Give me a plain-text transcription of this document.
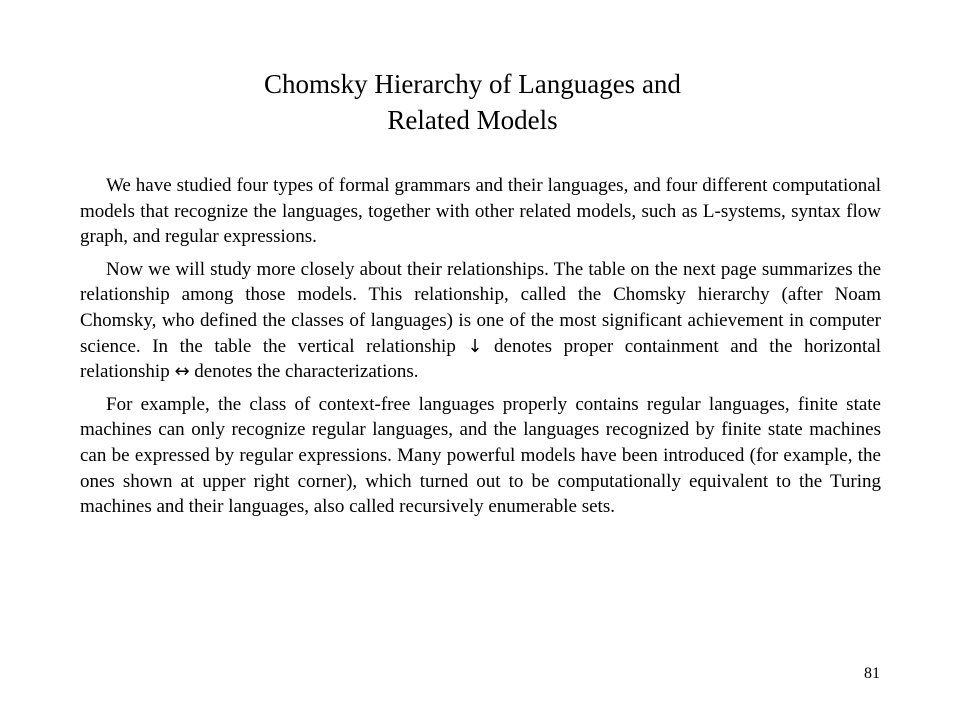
Chomsky Hierarchy of Languages and
Related Models

We have studied four types of formal grammars and their languages, and four different computational models that recognize the languages, together with other related models, such as L-systems, syntax flow graph, and regular expressions.

Now we will study more closely about their relationships. The table on the next page summarizes the relationship among those models. This relationship, called the Chomsky hierarchy (after Noam Chomsky, who defined the classes of languages) is one of the most significant achievement in computer science. In the table the vertical relationship ↓ denotes proper containment and the horizontal relationship ↔ denotes the characterizations.

For example, the class of context-free languages properly contains regular languages, finite state machines can only recognize regular languages, and the languages recognized by finite state machines can be expressed by regular expressions. Many powerful models have been introduced (for example, the ones shown at upper right corner), which turned out to be computationally equivalent to the Turing machines and their languages, also called recursively enumerable sets.

81
